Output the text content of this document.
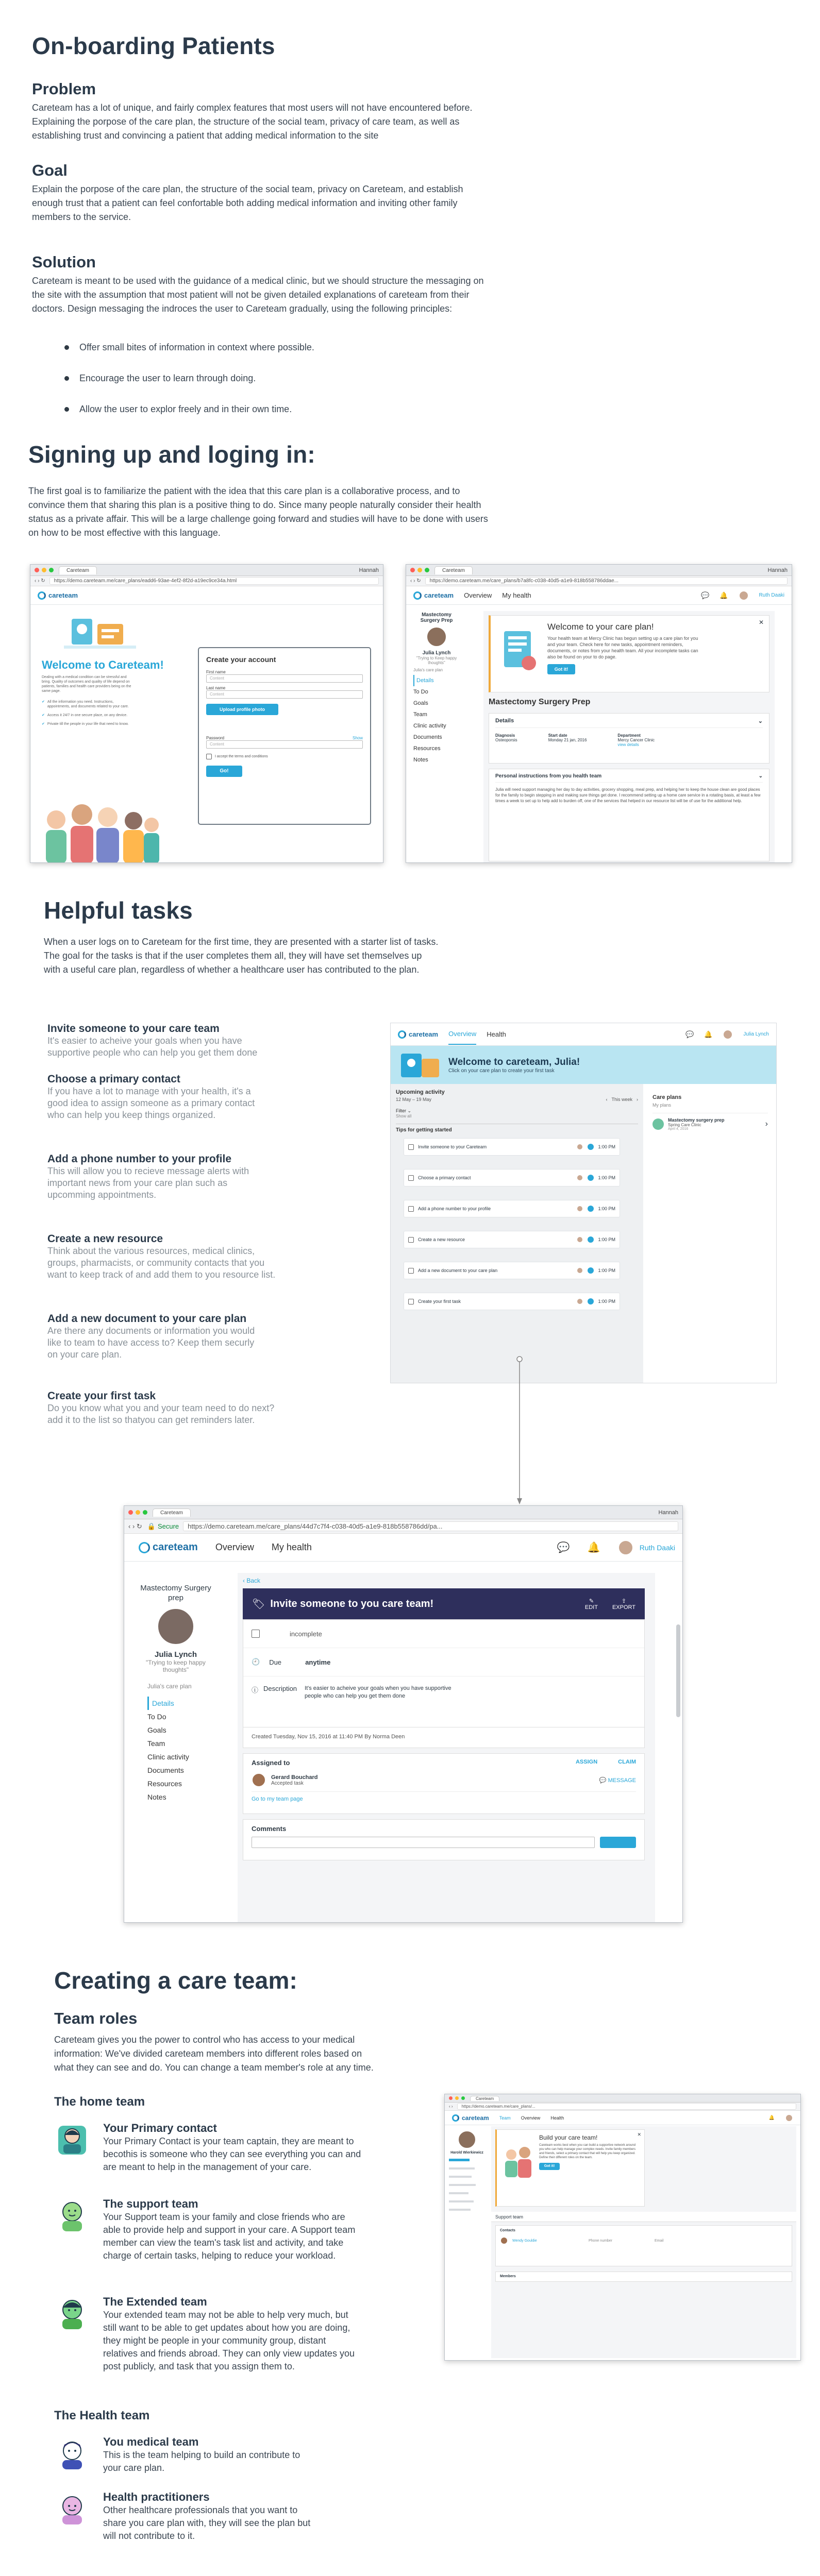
On-boarding Patients
Problem

Careteam has a lot of unique, and fairly complex features that most users will not have encountered before.

Explaining the porpose of the care plan, the structure of the social team, privacy of care team, as well as

establishing trust and convincing a patient that adding medical information to the site

Goal

Explain the porpose of the care plan, the structure of the social team, privacy on Careteam, and establish

enough trust that a patient can feel confortable both adding medical information and inviting other family

members to the service.

Solution

Careteam is meant to be used with the guidance of a medical clinic, but we should structure the messaging on

the site with the assumption that most patient will not be given detailed explanations of careteam from their

doctors. Design messaging the indroces the user to Careteam gradually, using the following principles:

Offer small bites of information in context where possible.
Encourage the user to learn through doing.
Allow the user to explor freely and in their own time.
Signing up and loging in:

The first goal is to familiarize the patient with the idea that this care plan is a collaborative process, and to

convince them that sharing this plan is a positive thing to do. Since many people naturally consider their health

status as a private affair. This will be a large challenge going forward and studies will have to be done with users

on how to be most effective with this language.

Careteam	Hannah
‹ › ↻	https://demo.careteam.me/care_plans/eadd6-93ae-4ef2-8f2d-a19ec9ce34a.html
careteam
Welcome to Careteam!
Dealing with a medical condition can be stressful and bring. Quality of outcomes and quality of life depend on patients, families and health care providers being on the same page.
✔ All the information you need. Instructions, appointments, and documents related to your care.
✔ Access it 24/7 in one secure place, on any device.
✔ Private till the people in your life that need to know.
Create your account
First name
Content
Last name
Content
Upload profile photo
Password	Show
Content
I accept the terms and conditions
Go!
Careteam	Hannah
‹ › ↻	https://demo.careteam.me/care_plans/b7a8fc-c038-40d5-a1e9-818b558786ddae...
careteam Overview My health	💬 🔔	Ruth Daaki
Mastectomy Surgery Prep
Julia Lynch
"Trying to Keep happy thoughts"
Julia's care plan
Details
To Do
Goals
Team
Clinic activity
Documents
Resources
Notes
✕
Welcome to your care plan!
Your health team at Mercy Clinic has begun setting up a care plan for you and your team. Check here for new tasks, appointment reminders, documents, or notes from your health team. All your incomplete tasks can also be found on your to do page.
Got it!
Mastectomy Surgery Prep
Details	⌄
Diagnosis
Osteoporsis
Start date
Monday 21 jan, 2016
Department
Mercy Cancer Clinic
view details
Personal instructions from you health team	⌄
Julia will need support managing her day to day activities, grocery shopping, meal prep, and helping her to keep the house clean are good places for the family to begin stepping in and making sure things get done. I recommend setting up a home care service in a rotating basis, at least a few times a week to set up to help add to burden off, one of the services that helped in our resource list will be of use for the additional help.
Helpful tasks

When a user logs on to Careteam for the first time, they are presented with a starter list of tasks.

The goal for the tasks is that if the user completes them all, they will have set themselves up

with a useful care plan, regardless of whether a healthcare user has contributed to the plan.

Invite someone to your care team
It's easier to acheive your goals when you have
supportive people who can help you get them done
Choose a primary contact
If you have a lot to manage with your health, it's a
good idea to assign someone as a primary contact
who can help you keep things organized.
Add a phone number to your profile
This will allow you to recieve message alerts with
important news from your care plan such as
upcomming appointments.
Create a new resource
Think about the various resources, medical clinics,
groups, pharmacists, or community contacts that you
want to keep track of and add them to you resource list.
Add a new document to your care plan
Are there any documents or information you would
like to team to have access to? Keep them securly
on your care plan.
Create your first task
Do you know what you and your team need to do next?
add it to the list so thatyou can get reminders later.
careteam Overview Health	💬 🔔	Julia Lynch
Welcome to careteam, Julia!
Click on your care plan to create your first task
Upcoming activity
12 May – 19 May	‹ This week ›
Filter ⌄
Show all
Tips for getting started
Invite someone to your Careteam	1:00 PM
Choose a primary contact	1:00 PM
Add a phone number to your profile	1:00 PM
Create a new resource	1:00 PM
Add a new document to your care plan	1:00 PM
Create your first task	1:00 PM
Care plans
My plans
Mastectomy surgery prep
Spring Care Clinic
April 4, 2016
›
Careteam	Hannah
‹ › ↻ 🔒 Secure	https://demo.careteam.me/care_plans/44d7c7f4-c038-40d5-a1e9-818b558786dd/pa...
careteam Overview My health	💬 🔔	Ruth Daaki
Mastectomy Surgery prep
Julia Lynch
"Trying to keep happy thoughts"
Julia's care plan
Details
To Do
Goals
Team
Clinic activity
Documents
Resources
Notes
‹ Back
🏷 Invite someone to you care team!	✎
EDIT
⇪
EXPORT
incomplete
🕘 Due	anytime
ⓘ Description	It's easier to acheive your goals when you have supportive people who can help you get them done
Created Tuesday, Nov 15, 2016 at 11:40 PM By Norma Deen
Assigned to	ASSIGN	CLAIM
Gerard Bouchard
Accepted task	💬 MESSAGE
Go to my team page
Comments
Creating a care team:
Team roles

Careteam gives you the power to control who has access to your medical

information: We've divided careteam members into different roles based on

what they can see and do. You can change a team member's role at any time.

The home team
Your Primary contact
Your Primary Contact is your team captain, they are meant to
becothis is someone who they can see everything you can and
are meant to help in the management of your care.
The support team
Your Support team is your family and close friends who are
able to provide help and support in your care. A Support team
member can view the team's task list and activity, and take
charge of certain tasks, helping to reduce your workload.
The Extended team
Your extended team may not be able to help very much, but
still want to be able to get updates about how you are doing,
they might be people in your community group, distant
relatives and friends abroad. They can only view updates you
post publicly, and task that you assign them to.
The Health team
You medical team
This is the team helping to build an contribute to
your care plan.
Health practitioners
Other healthcare professionals that you want to
share you care plan with, they will see the plan but
will not contribute to it.
Careteam
‹ ›	https://demo.careteam.me/care_plans/...
careteam Team Overview Health	🔔
Harold Wierkiewicz
✕
Build your care team!
Careteam works best when you can build a supportive network around you who can help manage your complex needs. Invite family members and friends, select a primary contact that will help you keep organized. Define their different roles on the team.
Got it!
Support team
Contacts
Wendy Gouldie	Phone number	Email
Members
